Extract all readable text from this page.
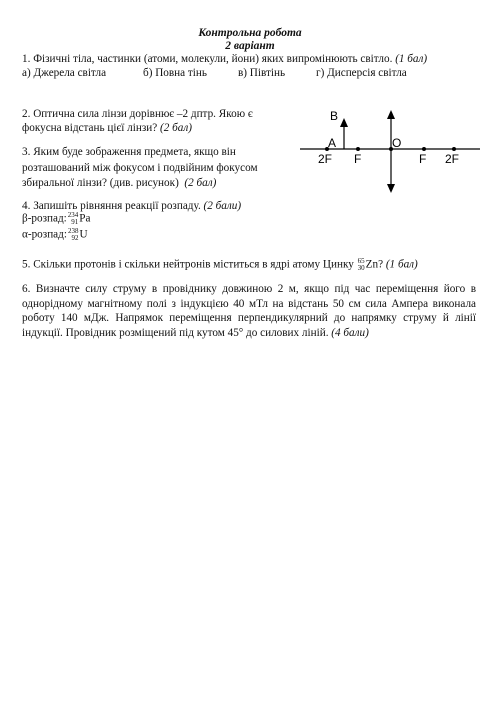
Контрольна робота
2 варіант
1. Фізичні тіла, частинки (атоми, молекули, йони) яких випромінюють світло. (1 бал)
а) Джерела світла	б) Повна тінь	в) Півтінь	г) Дисперсія світла
2. Оптична сила лінзи дорівнює –2 дптр. Якою є
фокусна відстань цієї лінзи? (2 бал)
3. Яким буде зображення предмета, якщо він
розташований між фокусом і подвійним фокусом
збиральної лінзи? (див. рисунок) (2 бал)
B
A	O
2F F	F 2F
4. Запишіть рівняння реакції розпаду. (2 бали)
β-розпад: 234
91 Pa
α-розпад: 238
92 U
5. Скільки протонів і скільки нейтронів міститься в ядрі атому Цинку 65
30 Zn? (1 бал)
6. Визначте силу струму в провіднику довжиною 2 м, якщо під час переміщення його в однорідному магнітному полі з індукцією 40 мТл на відстань 50 см сила Ампера виконала роботу 140 мДж. Напрямок переміщення перпендикулярний до напрямку струму й лінії індукції. Провідник розміщений під кутом 45° до силових ліній. (4 бали)
